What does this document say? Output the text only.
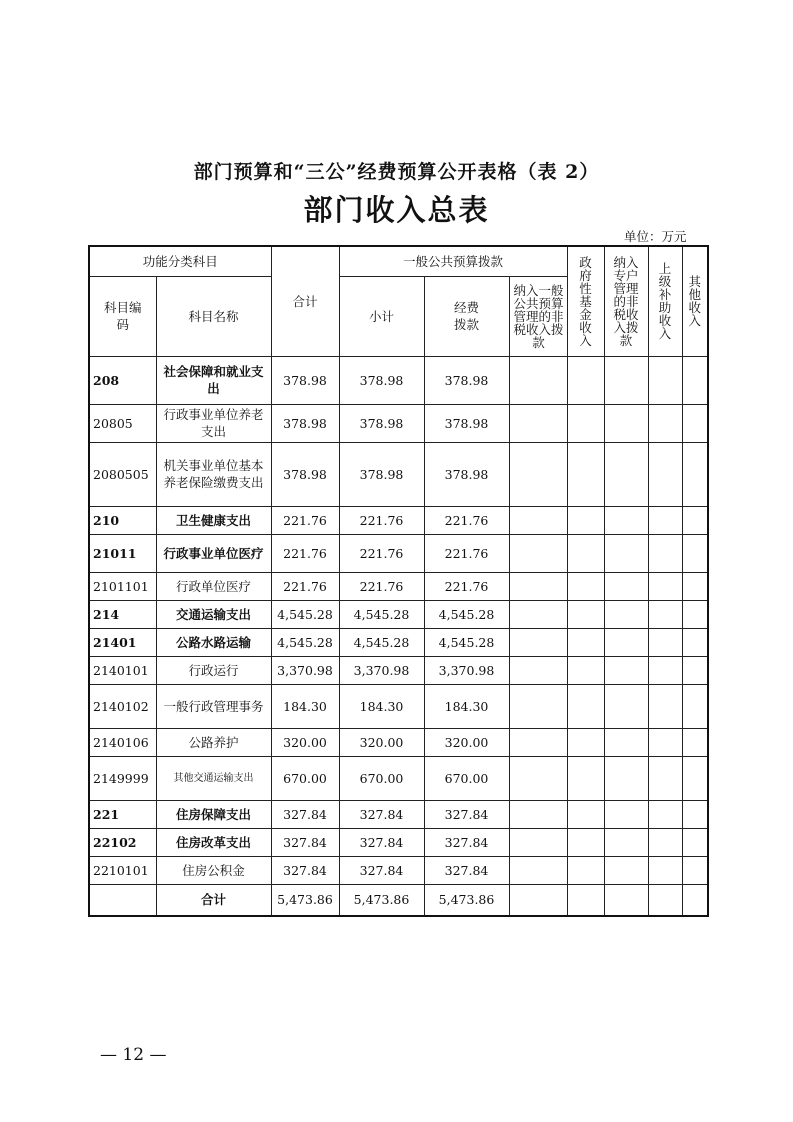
部门预算和“三公”经费预算公开表格（表 2）
部门收入总表
单位：万元
功能分类科目		合计	一般公共预算拨款			政府性基金收入	纳入专户管理的非税收入拨款	上级补助收入	其他收入
科目编码	科目名称		小计	经费拨款	纳入一般公共预算管理的非税收入拨款				
208	社会保障和就业支出	378.98	378.98	378.98					
20805	行政事业单位养老支出	378.98	378.98	378.98					
2080505	机关事业单位基本养老保险缴费支出	378.98	378.98	378.98					
210	卫生健康支出	221.76	221.76	221.76					
21011	行政事业单位医疗	221.76	221.76	221.76					
2101101	行政单位医疗	221.76	221.76	221.76					
214	交通运输支出	4,545.28	4,545.28	4,545.28					
21401	公路水路运输	4,545.28	4,545.28	4,545.28					
2140101	行政运行	3,370.98	3,370.98	3,370.98					
2140102	一般行政管理事务	184.30	184.30	184.30					
2140106	公路养护	320.00	320.00	320.00					
2149999	其他交通运输支出	670.00	670.00	670.00					
221	住房保障支出	327.84	327.84	327.84					
22102	住房改革支出	327.84	327.84	327.84					
2210101	住房公积金	327.84	327.84	327.84					
	合计	5,473.86	5,473.86	5,473.86					
— 12 —
